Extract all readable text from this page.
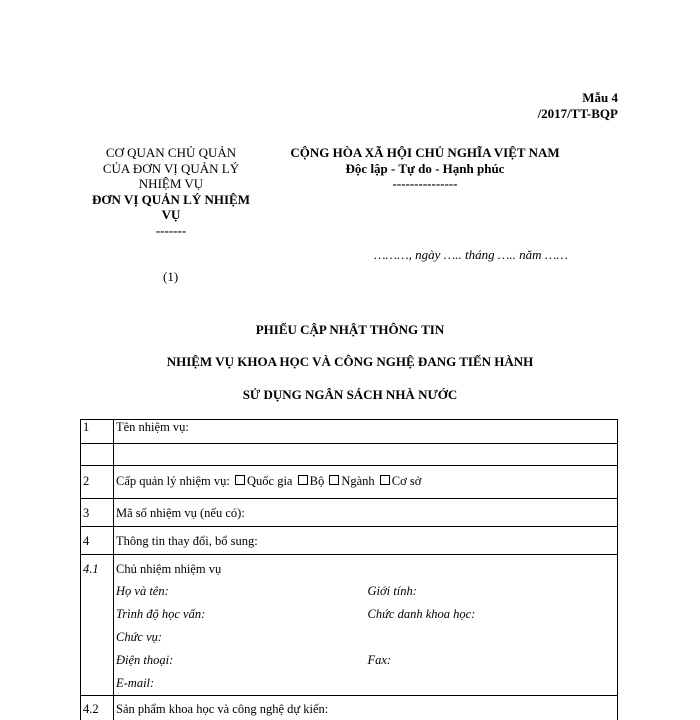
Mẫu 4
/2017/TT-BQP
CƠ QUAN CHỦ QUẢN
CỦA ĐƠN VỊ QUẢN LÝ
NHIỆM VỤ
ĐƠN VỊ QUẢN LÝ NHIỆM
VỤ
-------
(1)
CỘNG HÒA XÃ HỘI CHỦ NGHĨA VIỆT NAM
Độc lập - Tự do - Hạnh phúc
---------------
………, ngày ….. tháng ….. năm ……
PHIẾU CẬP NHẬT THÔNG TIN
NHIỆM VỤ KHOA HỌC VÀ CÔNG NGHỆ ĐANG TIẾN HÀNH
SỬ DỤNG NGÂN SÁCH NHÀ NƯỚC
1	Tên nhiệm vụ:	

2	Cấp quản lý nhiệm vụ: Quốc gia Bộ Ngành Cơ sở	
3	Mã số nhiệm vụ (nếu có):	
4	Thông tin thay đổi, bổ sung:	
4.1	Chủ nhiệm nhiệm vụ	
	Họ và tên:	Giới tính:
	Trình độ học vấn:	Chức danh khoa học:
	Chức vụ:	
	Điện thoại:	Fax:
	E-mail:	
4.2	Sản phẩm khoa học và công nghệ dự kiến:	
